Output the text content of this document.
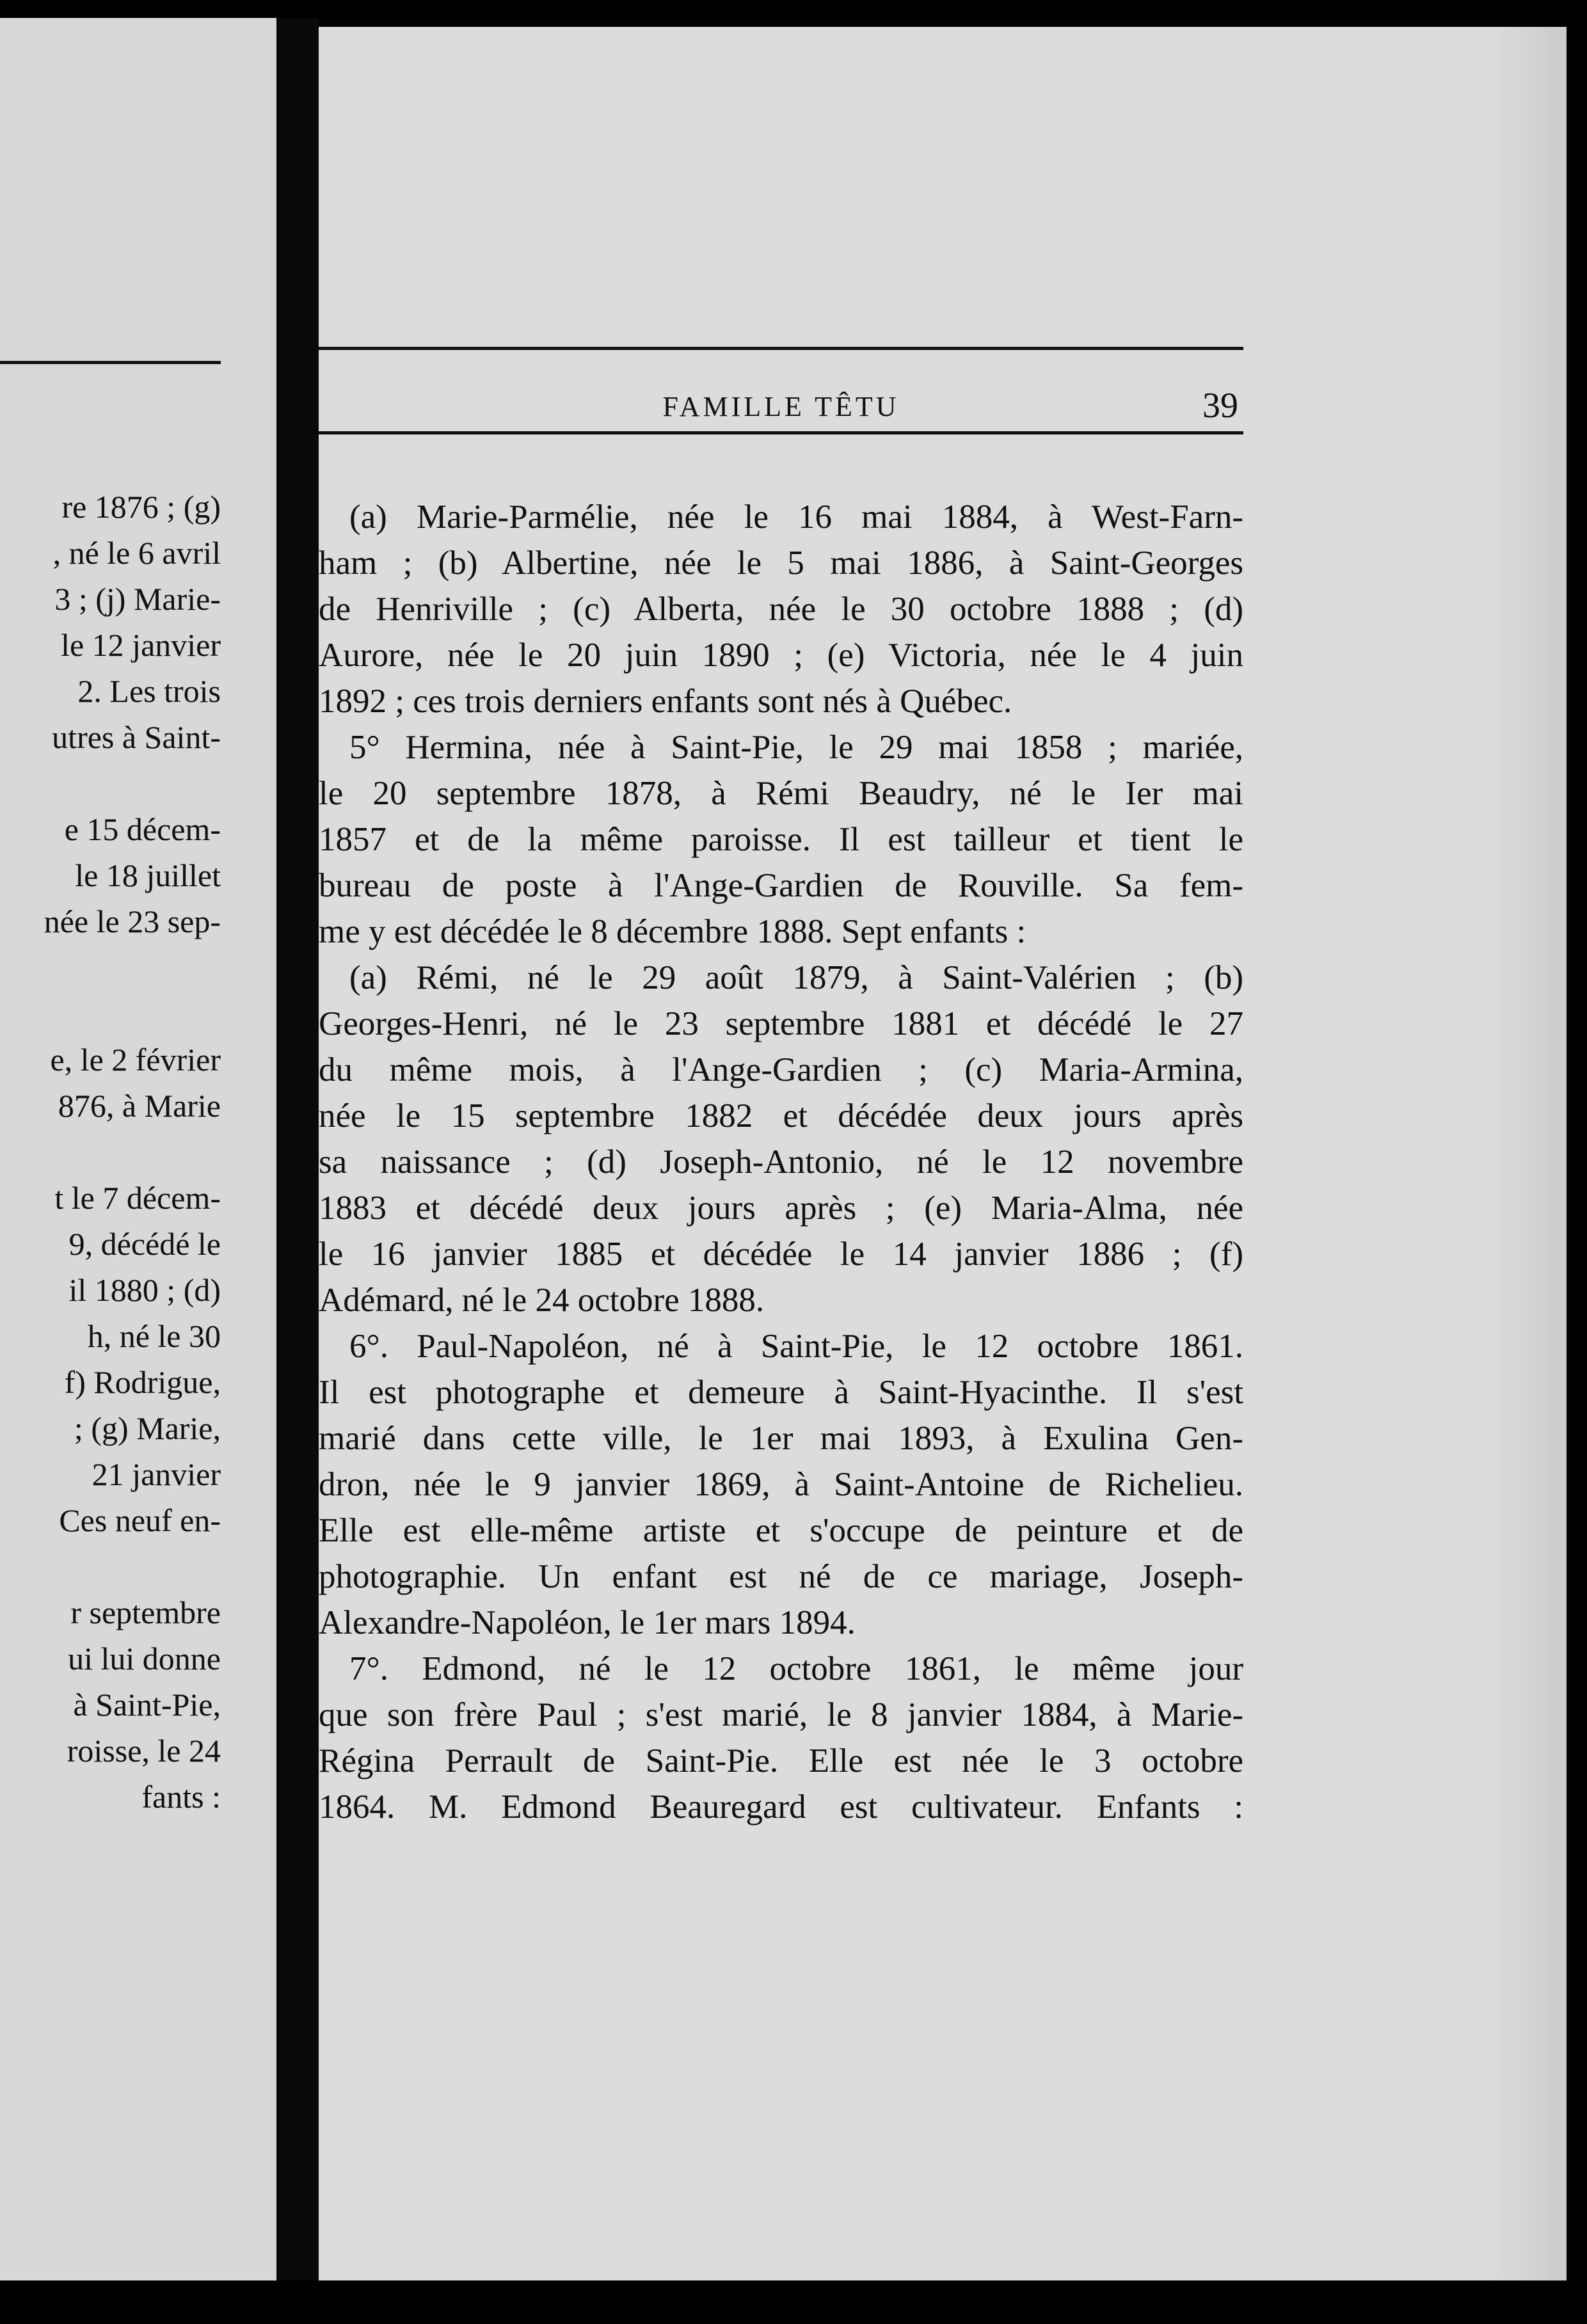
re 1876 ; (g)
, né le 6 avril
3 ; (j) Marie-
le 12 janvier
2. Les trois
utres à Saint-
e 15 décem-
le 18 juillet
née le 23 sep-
e, le 2 février
876, à Marie
t le 7 décem-
9, décédé le
il 1880 ; (d)
h, né le 30
f) Rodrigue,
; (g) Marie,
21 janvier
Ces neuf en-
r septembre
ui lui donne
à Saint-Pie,
roisse, le 24
fants :
FAMILLE TÊTU	39
(a) Marie-Parmélie, née le 16 mai 1884, à West-Farn-
ham ; (b) Albertine, née le 5 mai 1886, à Saint-Georges
de Henriville ; (c) Alberta, née le 30 octobre 1888 ; (d)
Aurore, née le 20 juin 1890 ; (e) Victoria, née le 4 juin
1892 ; ces trois derniers enfants sont nés à Québec.
5° Hermina, née à Saint-Pie, le 29 mai 1858 ; mariée,
le 20 septembre 1878, à Rémi Beaudry, né le Ier mai
1857 et de la même paroisse. Il est tailleur et tient le
bureau de poste à l'Ange-Gardien de Rouville. Sa fem-
me y est décédée le 8 décembre 1888. Sept enfants :
(a) Rémi, né le 29 août 1879, à Saint-Valérien ; (b)
Georges-Henri, né le 23 septembre 1881 et décédé le 27
du même mois, à l'Ange-Gardien ; (c) Maria-Armina,
née le 15 septembre 1882 et décédée deux jours après
sa naissance ; (d) Joseph-Antonio, né le 12 novembre
1883 et décédé deux jours après ; (e) Maria-Alma, née
le 16 janvier 1885 et décédée le 14 janvier 1886 ; (f)
Adémard, né le 24 octobre 1888.
6°. Paul-Napoléon, né à Saint-Pie, le 12 octobre 1861.
Il est photographe et demeure à Saint-Hyacinthe. Il s'est
marié dans cette ville, le 1er mai 1893, à Exulina Gen-
dron, née le 9 janvier 1869, à Saint-Antoine de Richelieu.
Elle est elle-même artiste et s'occupe de peinture et de
photographie. Un enfant est né de ce mariage, Joseph-
Alexandre-Napoléon, le 1er mars 1894.
7°. Edmond, né le 12 octobre 1861, le même jour
que son frère Paul ; s'est marié, le 8 janvier 1884, à Marie-
Régina Perrault de Saint-Pie. Elle est née le 3 octobre
1864. M. Edmond Beauregard est cultivateur. Enfants :
